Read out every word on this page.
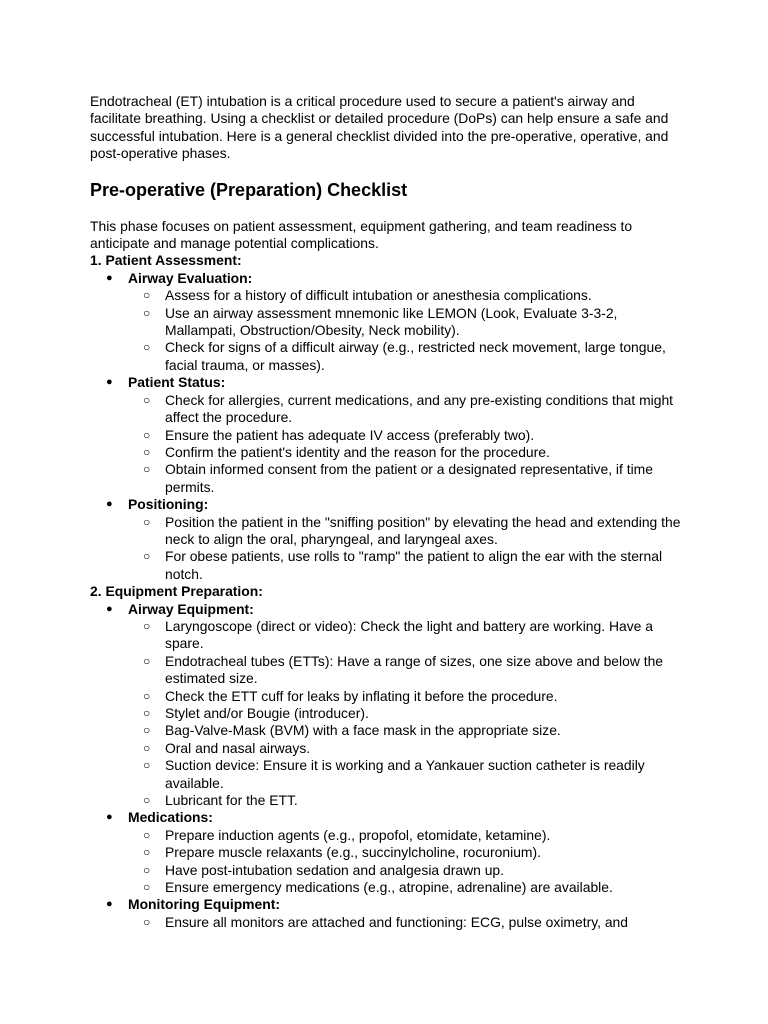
Endotracheal (ET) intubation is a critical procedure used to secure a patient's airway and facilitate breathing. Using a checklist or detailed procedure (DoPs) can help ensure a safe and successful intubation. Here is a general checklist divided into the pre-operative, operative, and post-operative phases.

Pre-operative (Preparation) Checklist

This phase focuses on patient assessment, equipment gathering, and team readiness to anticipate and manage potential complications.

1. Patient Assessment:
● Airway Evaluation:
○ Assess for a history of difficult intubation or anesthesia complications.
○ Use an airway assessment mnemonic like LEMON (Look, Evaluate 3-3-2, Mallampati, Obstruction/Obesity, Neck mobility).
○ Check for signs of a difficult airway (e.g., restricted neck movement, large tongue, facial trauma, or masses).
● Patient Status:
○ Check for allergies, current medications, and any pre-existing conditions that might affect the procedure.
○ Ensure the patient has adequate IV access (preferably two).
○ Confirm the patient's identity and the reason for the procedure.
○ Obtain informed consent from the patient or a designated representative, if time permits.
● Positioning:
○ Position the patient in the "sniffing position" by elevating the head and extending the neck to align the oral, pharyngeal, and laryngeal axes.
○ For obese patients, use rolls to "ramp" the patient to align the ear with the sternal notch.
2. Equipment Preparation:
● Airway Equipment:
○ Laryngoscope (direct or video): Check the light and battery are working. Have a spare.
○ Endotracheal tubes (ETTs): Have a range of sizes, one size above and below the estimated size.
○ Check the ETT cuff for leaks by inflating it before the procedure.
○ Stylet and/or Bougie (introducer).
○ Bag-Valve-Mask (BVM) with a face mask in the appropriate size.
○ Oral and nasal airways.
○ Suction device: Ensure it is working and a Yankauer suction catheter is readily available.
○ Lubricant for the ETT.
● Medications:
○ Prepare induction agents (e.g., propofol, etomidate, ketamine).
○ Prepare muscle relaxants (e.g., succinylcholine, rocuronium).
○ Have post-intubation sedation and analgesia drawn up.
○ Ensure emergency medications (e.g., atropine, adrenaline) are available.
● Monitoring Equipment:
○ Ensure all monitors are attached and functioning: ECG, pulse oximetry, and
